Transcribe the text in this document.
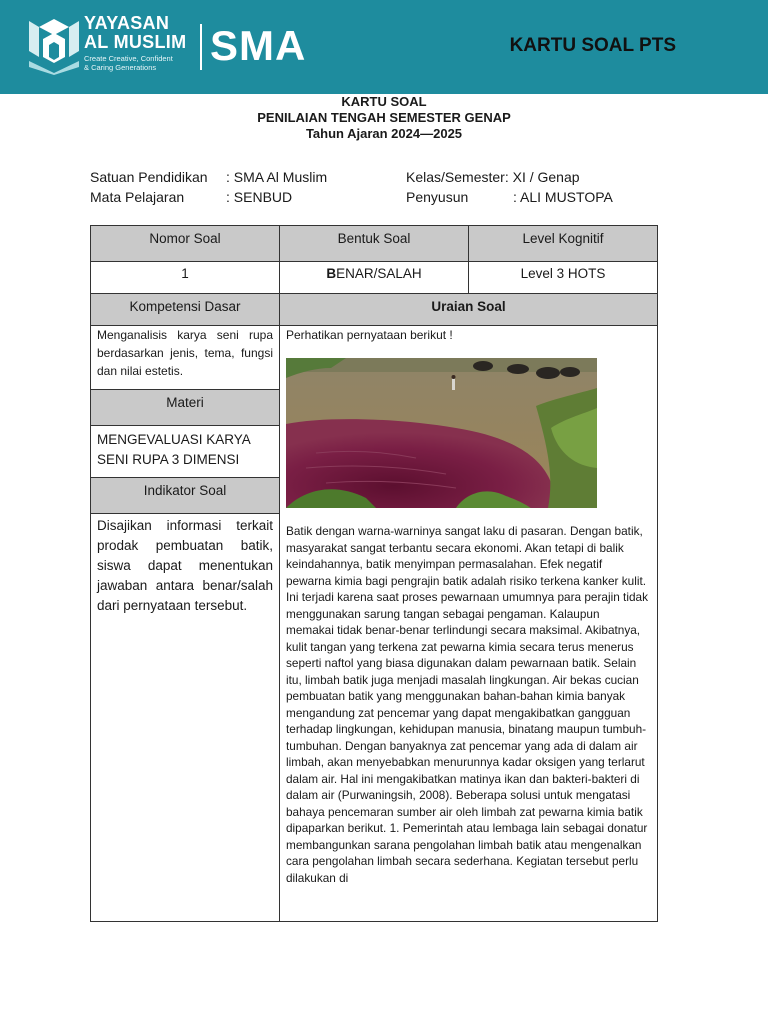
YAYASAN
AL MUSLIM
Create Creative, Confident
& Caring Generations	SMA	KARTU SOAL PTS
KARTU SOAL
PENILAIAN TENGAH SEMESTER GENAP
Tahun Ajaran 2024—2025
Satuan Pendidikan : SMA Al Muslim
Mata Pelajaran	: SENBUD
Kelas/Semester: XI / Genap
Penyusun	: ALI MUSTOPA
Nomor Soal	Bentuk Soal	Level Kognitif
1	BENAR/SALAH	Level 3 HOTS
Kompetensi Dasar	Uraian Soal
Menganalisis karya seni rupa berdasarkan jenis, tema, fungsi dan nilai estetis.
Materi
MENGEVALUASI KARYA SENI RUPA 3 DIMENSI
Indikator Soal
Disajikan informasi terkait prodak pembuatan batik, siswa dapat menentukan jawaban antara benar/salah dari pernyataan tersebut.
Perhatikan pernyataan berikut !
Batik dengan warna-warninya sangat laku di pasaran. Dengan batik, masyarakat sangat terbantu secara ekonomi. Akan tetapi di balik keindahannya, batik menyimpan permasalahan. Efek negatif pewarna kimia bagi pengrajin batik adalah risiko terkena kanker kulit. Ini terjadi karena saat proses pewarnaan umumnya para perajin tidak menggunakan sarung tangan sebagai pengaman. Kalaupun memakai tidak benar-benar terlindungi secara maksimal. Akibatnya, kulit tangan yang terkena zat pewarna kimia secara terus menerus seperti naftol yang biasa digunakan dalam pewarnaan batik. Selain itu, limbah batik juga menjadi masalah lingkungan. Air bekas cucian pembuatan batik yang menggunakan bahan-bahan kimia banyak mengandung zat pencemar yang dapat mengakibatkan gangguan terhadap lingkungan, kehidupan manusia, binatang maupun tumbuh-tumbuhan. Dengan banyaknya zat pencemar yang ada di dalam air limbah, akan menyebabkan menurunnya kadar oksigen yang terlarut dalam air. Hal ini mengakibatkan matinya ikan dan bakteri-bakteri di dalam air (Purwaningsih, 2008). Beberapa solusi untuk mengatasi bahaya pencemaran sumber air oleh limbah zat pewarna kimia batik dipaparkan berikut. 1. Pemerintah atau lembaga lain sebagai donatur membangunkan sarana pengolahan limbah batik atau mengenalkan cara pengolahan limbah secara sederhana. Kegiatan tersebut perlu dilakukan di
